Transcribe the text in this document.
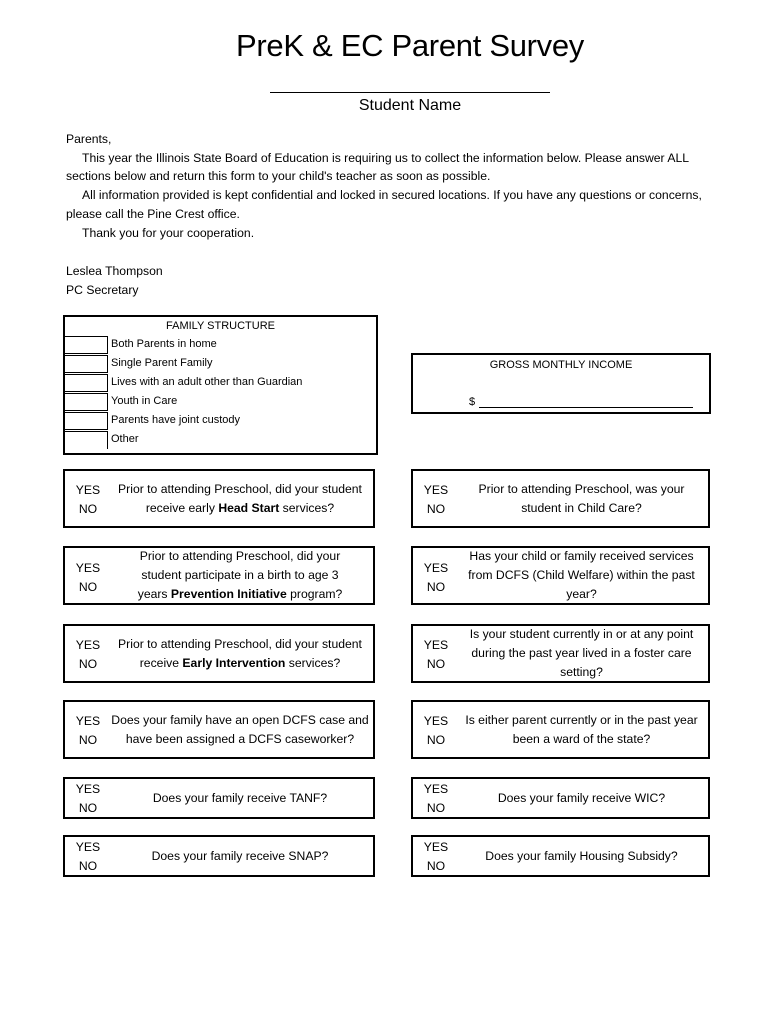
PreK & EC Parent Survey
Student Name

Parents,

This year the Illinois State Board of Education is requiring us to collect the information below. Please answer ALL sections below and return this form to your child's teacher as soon as possible.

All information provided is kept confidential and locked in secured locations. If you have any questions or concerns, please call the Pine Crest office.

Thank you for your cooperation.

Leslea Thompson
PC Secretary
FAMILY STRUCTURE
Both Parents in home
Single Parent Family
Lives with an adult other than Guardian
Youth in Care
Parents have joint custody
Other
GROSS MONTHLY INCOME
$
YES
NO
Prior to attending Preschool, did your student receive early Head Start services?
YES
NO
Prior to attending Preschool, was your student in Child Care?
YES
NO
Prior to attending Preschool, did your student participate in a birth to age 3 years Prevention Initiative program?
YES
NO
Has your child or family received services from DCFS (Child Welfare) within the past year?
YES
NO
Prior to attending Preschool, did your student receive Early Intervention services?
YES
NO
Is your student currently in or at any point during the past year lived in a foster care setting?
YES
NO
Does your family have an open DCFS case and have been assigned a DCFS caseworker?
YES
NO
Is either parent currently or in the past year been a ward of the state?
YES
NO
Does your family receive TANF?
YES
NO
Does your family receive WIC?
YES
NO
Does your family receive SNAP?
YES
NO
Does your family Housing Subsidy?
